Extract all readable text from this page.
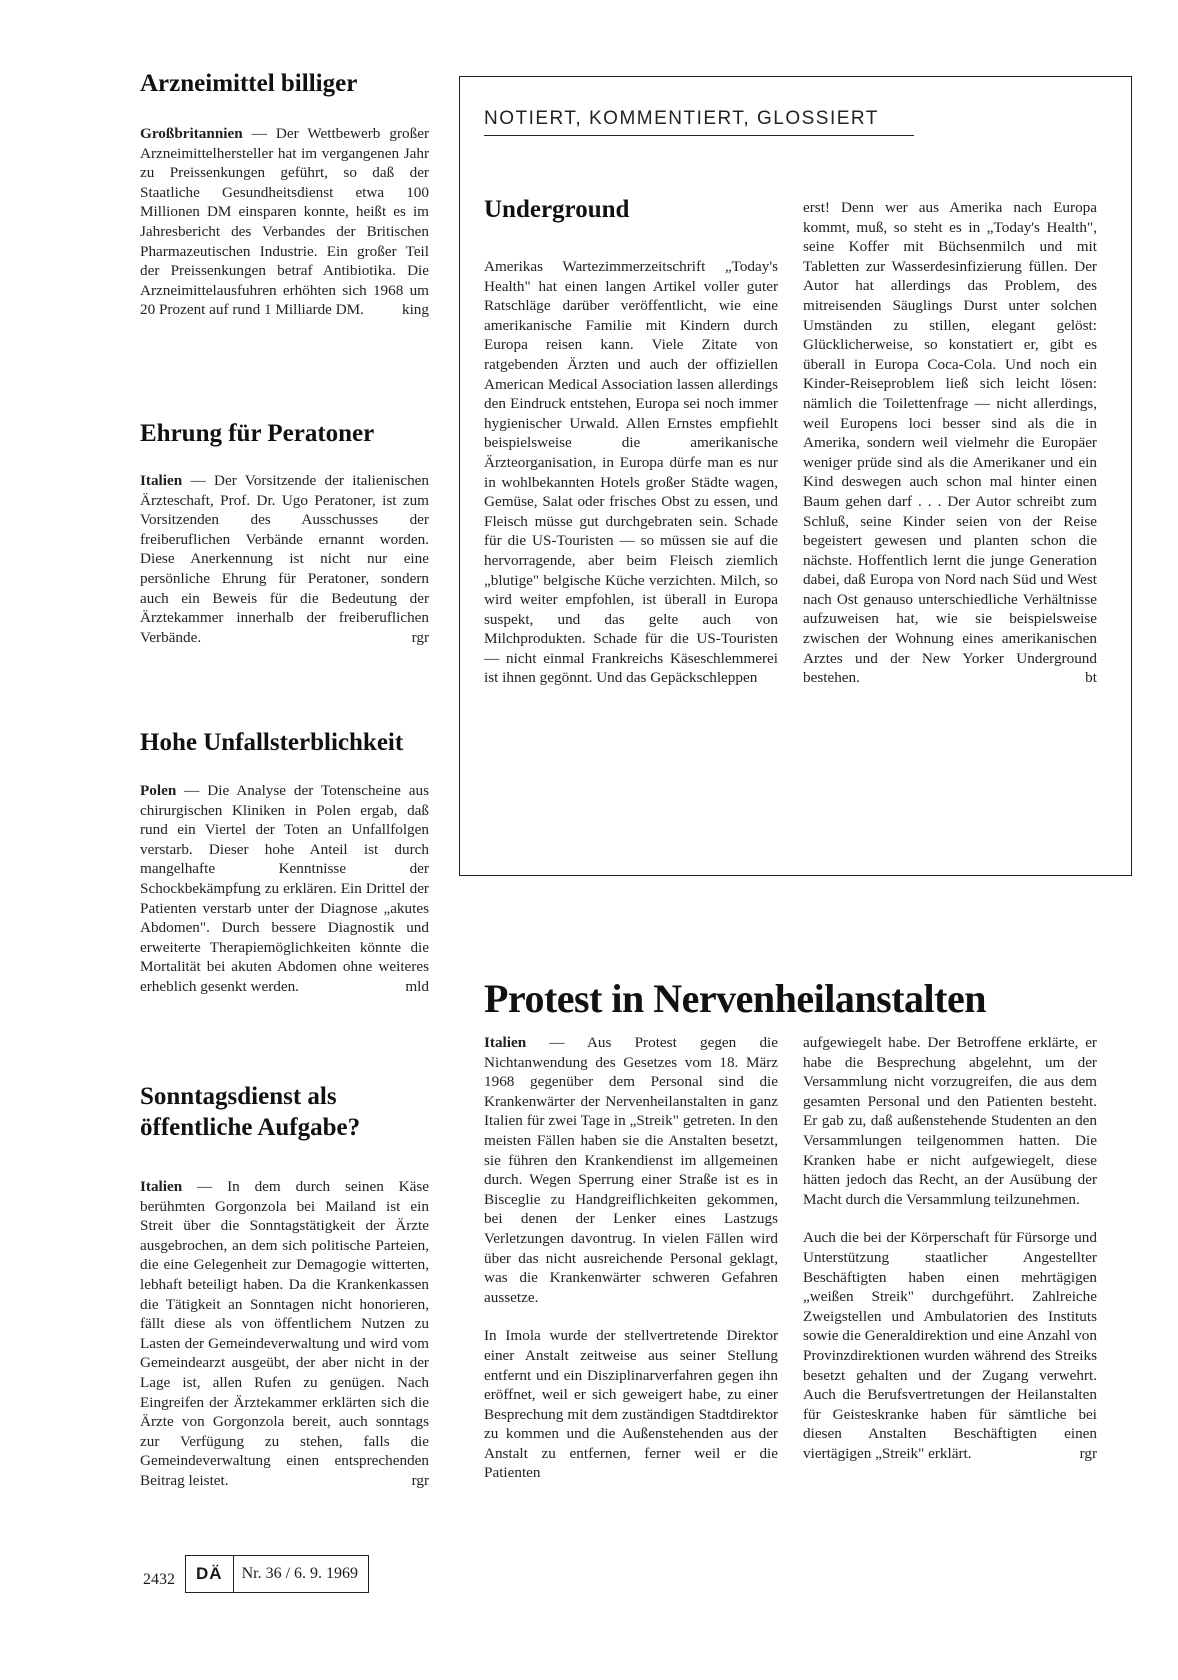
Arzneimittel billiger

Großbritannien — Der Wettbewerb großer Arzneimittelhersteller hat im vergangenen Jahr zu Preissenkungen geführt, so daß der Staatliche Gesundheitsdienst etwa 100 Millionen DM einsparen konnte, heißt es im Jahresbericht des Verbandes der Britischen Pharmazeutischen Industrie. Ein großer Teil der Preissenkungen betraf Antibiotika. Die Arzneimittelausfuhren erhöhten sich 1968 um 20 Prozent auf rund 1 Milliarde DM.	king

Ehrung für Peratoner

Italien — Der Vorsitzende der italienischen Ärzteschaft, Prof. Dr. Ugo Peratoner, ist zum Vorsitzenden des Ausschusses der freiberuflichen Verbände ernannt worden. Diese Anerkennung ist nicht nur eine persönliche Ehrung für Peratoner, sondern auch ein Beweis für die Bedeutung der Ärztekammer innerhalb der freiberuflichen Verbände.	rgr

Hohe Unfallsterblichkeit

Polen — Die Analyse der Totenscheine aus chirurgischen Kliniken in Polen ergab, daß rund ein Viertel der Toten an Unfallfolgen verstarb. Dieser hohe Anteil ist durch mangelhafte Kenntnisse der Schockbekämpfung zu erklären. Ein Drittel der Patienten verstarb unter der Diagnose „akutes Abdomen". Durch bessere Diagnostik und erweiterte Therapiemöglichkeiten könnte die Mortalität bei akuten Abdomen ohne weiteres erheblich gesenkt werden.	mld

Sonntagsdienst als öffentliche Aufgabe?

Italien — In dem durch seinen Käse berühmten Gorgonzola bei Mailand ist ein Streit über die Sonntagstätigkeit der Ärzte ausgebrochen, an dem sich politische Parteien, die eine Gelegenheit zur Demagogie witterten, lebhaft beteiligt haben. Da die Krankenkassen die Tätigkeit an Sonntagen nicht honorieren, fällt diese als von öffentlichem Nutzen zu Lasten der Gemeindeverwaltung und wird vom Gemeindearzt ausgeübt, der aber nicht in der Lage ist, allen Rufen zu genügen. Nach Eingreifen der Ärztekammer erklärten sich die Ärzte von Gorgonzola bereit, auch sonntags zur Verfügung zu stehen, falls die Gemeindeverwaltung einen entsprechenden Beitrag leistet.	rgr

NOTIERT, KOMMENTIERT, GLOSSIERT
Underground

Amerikas Wartezimmerzeitschrift „Today's Health" hat einen langen Artikel voller guter Ratschläge darüber veröffentlicht, wie eine amerikanische Familie mit Kindern durch Europa reisen kann. Viele Zitate von ratgebenden Ärzten und auch der offiziellen American Medical Association lassen allerdings den Eindruck entstehen, Europa sei noch immer hygienischer Urwald. Allen Ernstes empfiehlt beispielsweise die amerikanische Ärzteorganisation, in Europa dürfe man es nur in wohlbekannten Hotels großer Städte wagen, Gemüse, Salat oder frisches Obst zu essen, und Fleisch müsse gut durchgebraten sein. Schade für die US-Touristen — so müssen sie auf die hervorragende, aber beim Fleisch ziemlich „blutige" belgische Küche verzichten. Milch, so wird weiter empfohlen, ist überall in Europa suspekt, und das gelte auch von Milchprodukten. Schade für die US-Touristen — nicht einmal Frankreichs Käseschlemmerei ist ihnen gegönnt. Und das Gepäckschleppen

erst! Denn wer aus Amerika nach Europa kommt, muß, so steht es in „Today's Health", seine Koffer mit Büchsenmilch und mit Tabletten zur Wasserdesinfizierung füllen. Der Autor hat allerdings das Problem, des mitreisenden Säuglings Durst unter solchen Umständen zu stillen, elegant gelöst: Glücklicherweise, so konstatiert er, gibt es überall in Europa Coca-Cola. Und noch ein Kinder-Reiseproblem ließ sich leicht lösen: nämlich die Toilettenfrage — nicht allerdings, weil Europens loci besser sind als die in Amerika, sondern weil vielmehr die Europäer weniger prüde sind als die Amerikaner und ein Kind deswegen auch schon mal hinter einen Baum gehen darf . . . Der Autor schreibt zum Schluß, seine Kinder seien von der Reise begeistert gewesen und planten schon die nächste. Hoffentlich lernt die junge Generation dabei, daß Europa von Nord nach Süd und West nach Ost genauso unterschiedliche Verhältnisse aufzuweisen hat, wie sie beispielsweise zwischen der Wohnung eines amerikanischen Arztes und der New Yorker Underground bestehen.	bt

Protest in Nervenheilanstalten

Italien — Aus Protest gegen die Nichtanwendung des Gesetzes vom 18. März 1968 gegenüber dem Personal sind die Krankenwärter der Nervenheilanstalten in ganz Italien für zwei Tage in „Streik" getreten. In den meisten Fällen haben sie die Anstalten besetzt, sie führen den Krankendienst im allgemeinen durch. Wegen Sperrung einer Straße ist es in Bisceglie zu Handgreiflichkeiten gekommen, bei denen der Lenker eines Lastzugs Verletzungen davontrug. In vielen Fällen wird über das nicht ausreichende Personal geklagt, was die Krankenwärter schweren Gefahren aussetze.

In Imola wurde der stellvertretende Direktor einer Anstalt zeitweise aus seiner Stellung entfernt und ein Disziplinarverfahren gegen ihn eröffnet, weil er sich geweigert habe, zu einer Besprechung mit dem zuständigen Stadtdirektor zu kommen und die Außenstehenden aus der Anstalt zu entfernen, ferner weil er die Patienten

aufgewiegelt habe. Der Betroffene erklärte, er habe die Besprechung abgelehnt, um der Versammlung nicht vorzugreifen, die aus dem gesamten Personal und den Patienten besteht. Er gab zu, daß außenstehende Studenten an den Versammlungen teilgenommen hatten. Die Kranken habe er nicht aufgewiegelt, diese hätten jedoch das Recht, an der Ausübung der Macht durch die Versammlung teilzunehmen.

Auch die bei der Körperschaft für Fürsorge und Unterstützung staatlicher Angestellter Beschäftigten haben einen mehrtägigen „weißen Streik" durchgeführt. Zahlreiche Zweigstellen und Ambulatorien des Instituts sowie die Generaldirektion und eine Anzahl von Provinzdirektionen wurden während des Streiks besetzt gehalten und der Zugang verwehrt. Auch die Berufsvertretungen der Heilanstalten für Geisteskranke haben für sämtliche bei diesen Anstalten Beschäftigten einen viertägigen „Streik" erklärt.	rgr

2432	DÄ	Nr. 36 / 6. 9. 1969
